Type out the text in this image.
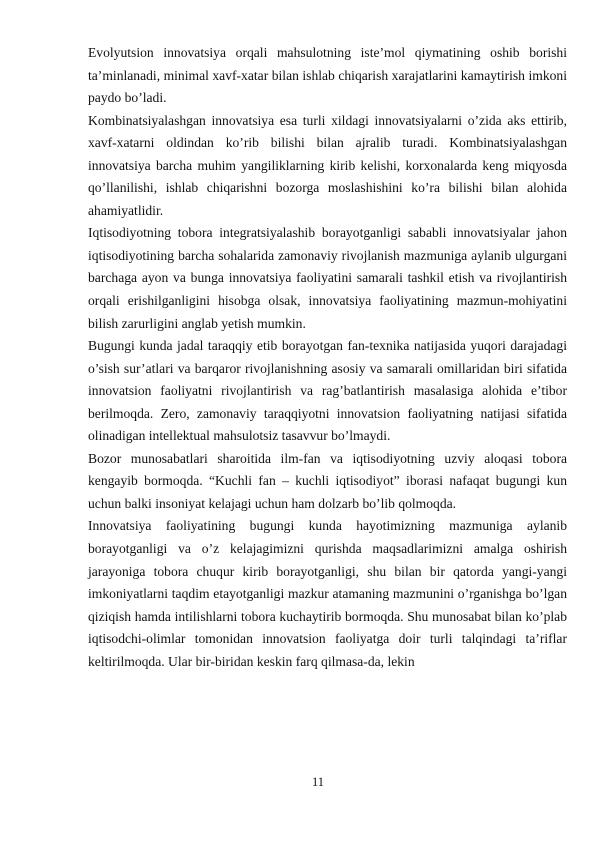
Evolyutsion innovatsiya orqali mahsulotning iste’mol qiymatining oshib borishi ta’minlanadi, minimal xavf-xatar bilan ishlab chiqarish xarajatlarini kamaytirish imkoni paydo bo’ladi.

Kombinatsiyalashgan innovatsiya esa turli xildagi innovatsiyalarni o’zida aks ettirib, xavf-xatarni oldindan ko’rib bilishi bilan ajralib turadi. Kombinatsiyalashgan innovatsiya barcha muhim yangiliklarning kirib kelishi, korxonalarda keng miqyosda qo’llanilishi, ishlab chiqarishni bozorga moslashishini ko’ra bilishi bilan alohida ahamiyatlidir.

Iqtisodiyotning tobora integratsiyalashib borayotganligi sababli innovatsiyalar jahon iqtisodiyotining barcha sohalarida zamonaviy rivojlanish mazmuniga aylanib ulgurgani barchaga ayon va bunga innovatsiya faoliyatini samarali tashkil etish va rivojlantirish orqali erishilganligini hisobga olsak, innovatsiya faoliyatining mazmun-mohiyatini bilish zarurligini anglab yetish mumkin.

Bugungi kunda jadal taraqqiy etib borayotgan fan-texnika natijasida yuqori darajadagi o’sish sur’atlari va barqaror rivojlanishning asosiy va samarali omillaridan biri sifatida innovatsion faoliyatni rivojlantirish va rag’batlantirish masalasiga alohida e’tibor berilmoqda. Zero, zamonaviy taraqqiyotni innovatsion faoliyatning natijasi sifatida olinadigan intellektual mahsulotsiz tasavvur bo’lmaydi.

Bozor munosabatlari sharoitida ilm-fan va iqtisodiyotning uzviy aloqasi tobora kengayib bormoqda. “Kuchli fan – kuchli iqtisodiyot” iborasi nafaqat bugungi kun uchun balki insoniyat kelajagi uchun ham dolzarb bo’lib qolmoqda.

Innovatsiya faoliyatining bugungi kunda hayotimizning mazmuniga aylanib borayotganligi va o’z kelajagimizni qurishda maqsadlarimizni amalga oshirish jarayoniga tobora chuqur kirib borayotganligi, shu bilan bir qatorda yangi-yangi imkoniyatlarni taqdim etayotganligi mazkur atamaning mazmunini o’rganishga bo’lgan qiziqish hamda intilishlarni tobora kuchaytirib bormoqda. Shu munosabat bilan ko’plab iqtisodchi-olimlar tomonidan innovatsion faoliyatga doir turli talqindagi ta’riflar keltirilmoqda. Ular bir-biridan keskin farq qilmasa-da, lekin

11
